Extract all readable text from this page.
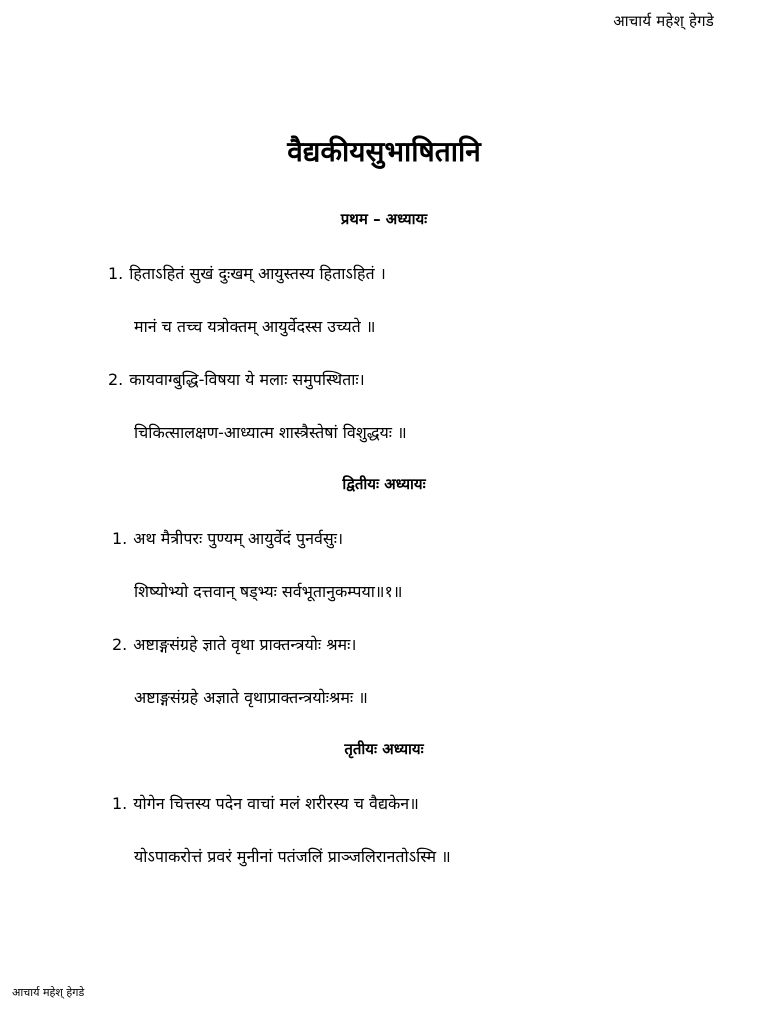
आचार्य महेश् हेगडे
वैद्यकीयसुभाषितानि
प्रथम – अध्यायः
1. हिताऽहितं सुखं दुःखम् आयुस्तस्य हिताऽहितं ।
मानं च तच्च यत्रोक्तम् आयुर्वेदस्स उच्यते ॥
2. कायवाग्बुद्धि-विषया ये मलाः समुपस्थिताः।
चिकित्सालक्षण-आध्यात्म शास्त्रैस्तेषां विशुद्धयः ॥
द्वितीयः अध्यायः
1. अथ मैत्रीपरः पुण्यम् आयुर्वेदं पुनर्वसुः।
शिष्योभ्यो दत्तवान् षड्भ्यः सर्वभूतानुकम्पया॥१॥
2. अष्टाङ्गसंग्रहे ज्ञाते वृथा प्राक्तन्त्रयोः श्रमः।
अष्टाङ्गसंग्रहे अज्ञाते वृथाप्राक्तन्त्रयोःश्रमः ॥
तृतीयः अध्यायः
1. योगेन चित्तस्य पदेन वाचां मलं शरीरस्य च वैद्यकेन॥
योऽपाकरोत्तं प्रवरं मुनीनां पतंजलिं प्राञ्जलिरानतोऽस्मि ॥
आचार्य महेश् हेगडे
